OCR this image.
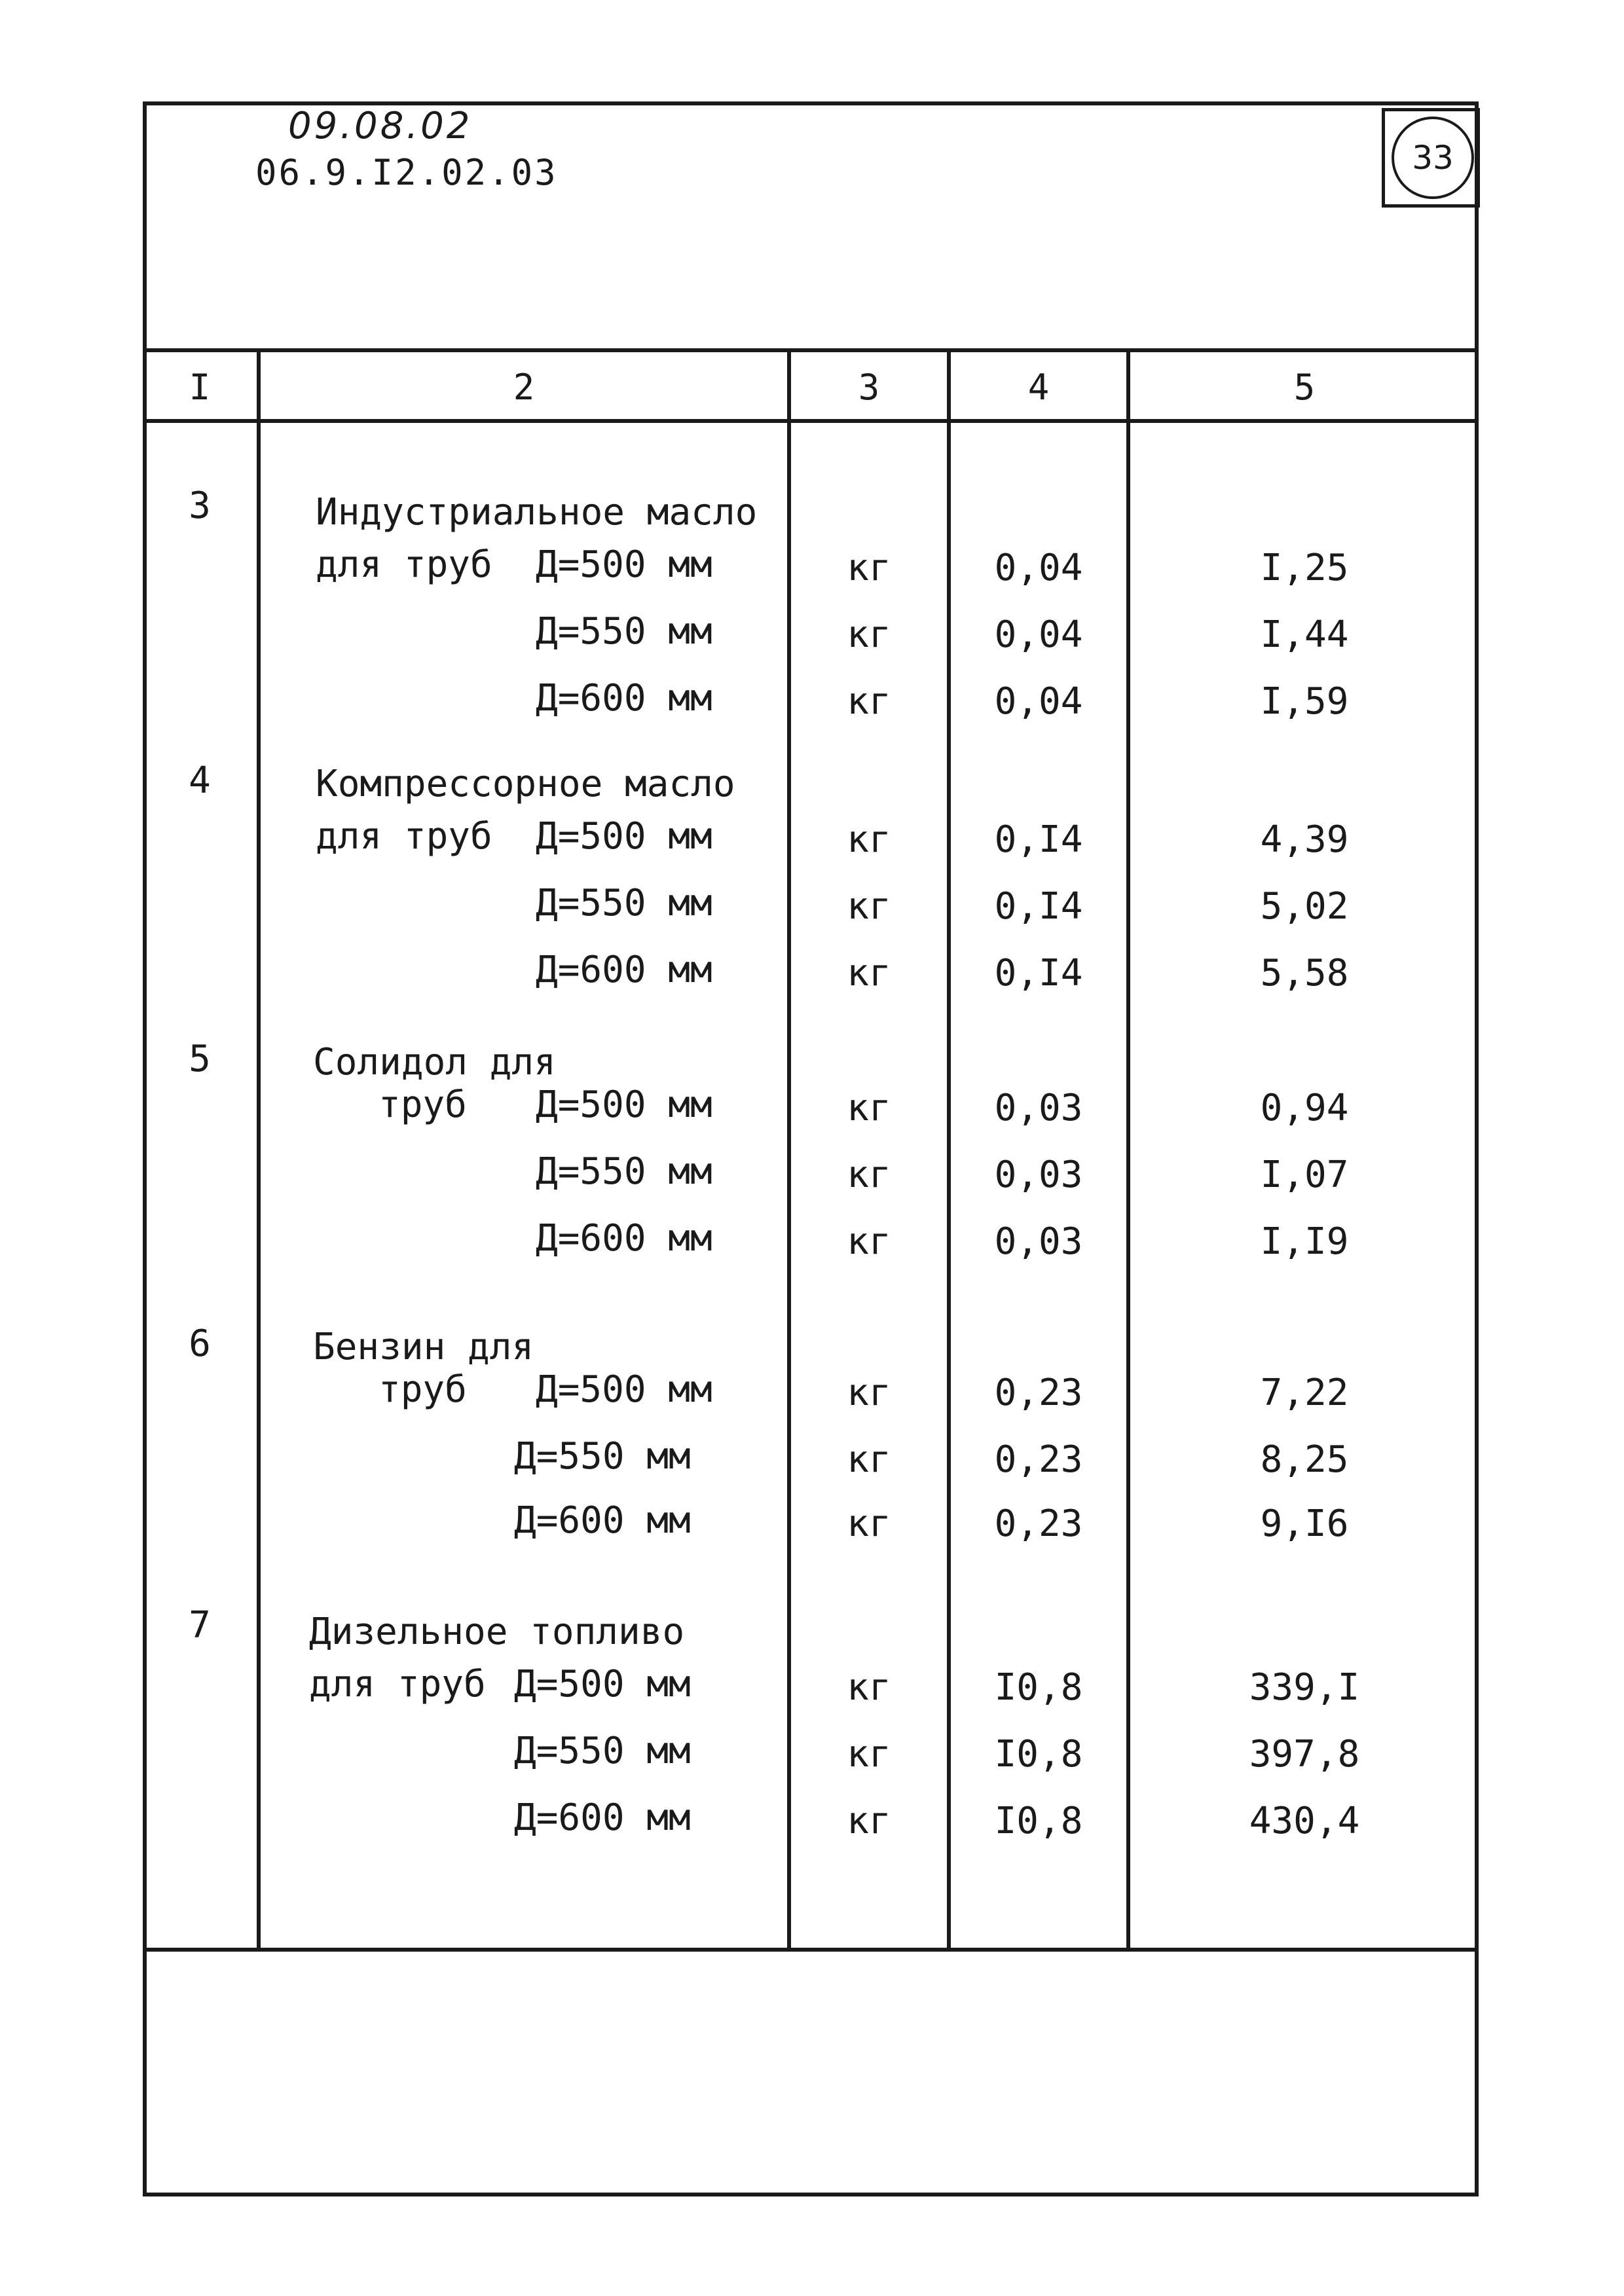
09.08.02
06.9.I2.02.03	33
I	2	3	4	5
3	Индустриальное масло
для труб Д=500 мм	кг	0,04	I,25
Д=550 мм	кг	0,04	I,44
Д=600 мм	кг	0,04	I,59
4	Компрессорное масло
для труб Д=500 мм	кг	0,I4	4,39
Д=550 мм	кг	0,I4	5,02
Д=600 мм	кг	0,I4	5,58
5	Солидол для
труб Д=500 мм	кг	0,03	0,94
Д=550 мм	кг	0,03	I,07
Д=600 мм	кг	0,03	I,I9
6	Бензин для
труб Д=500 мм	кг	0,23	7,22
Д=550 мм	кг	0,23	8,25
Д=600 мм	кг	0,23	9,I6
7	Дизельное топливо
для труб Д=500 мм	кг	I0,8	339,I
Д=550 мм	кг	I0,8	397,8
Д=600 мм	кг	I0,8	430,4
